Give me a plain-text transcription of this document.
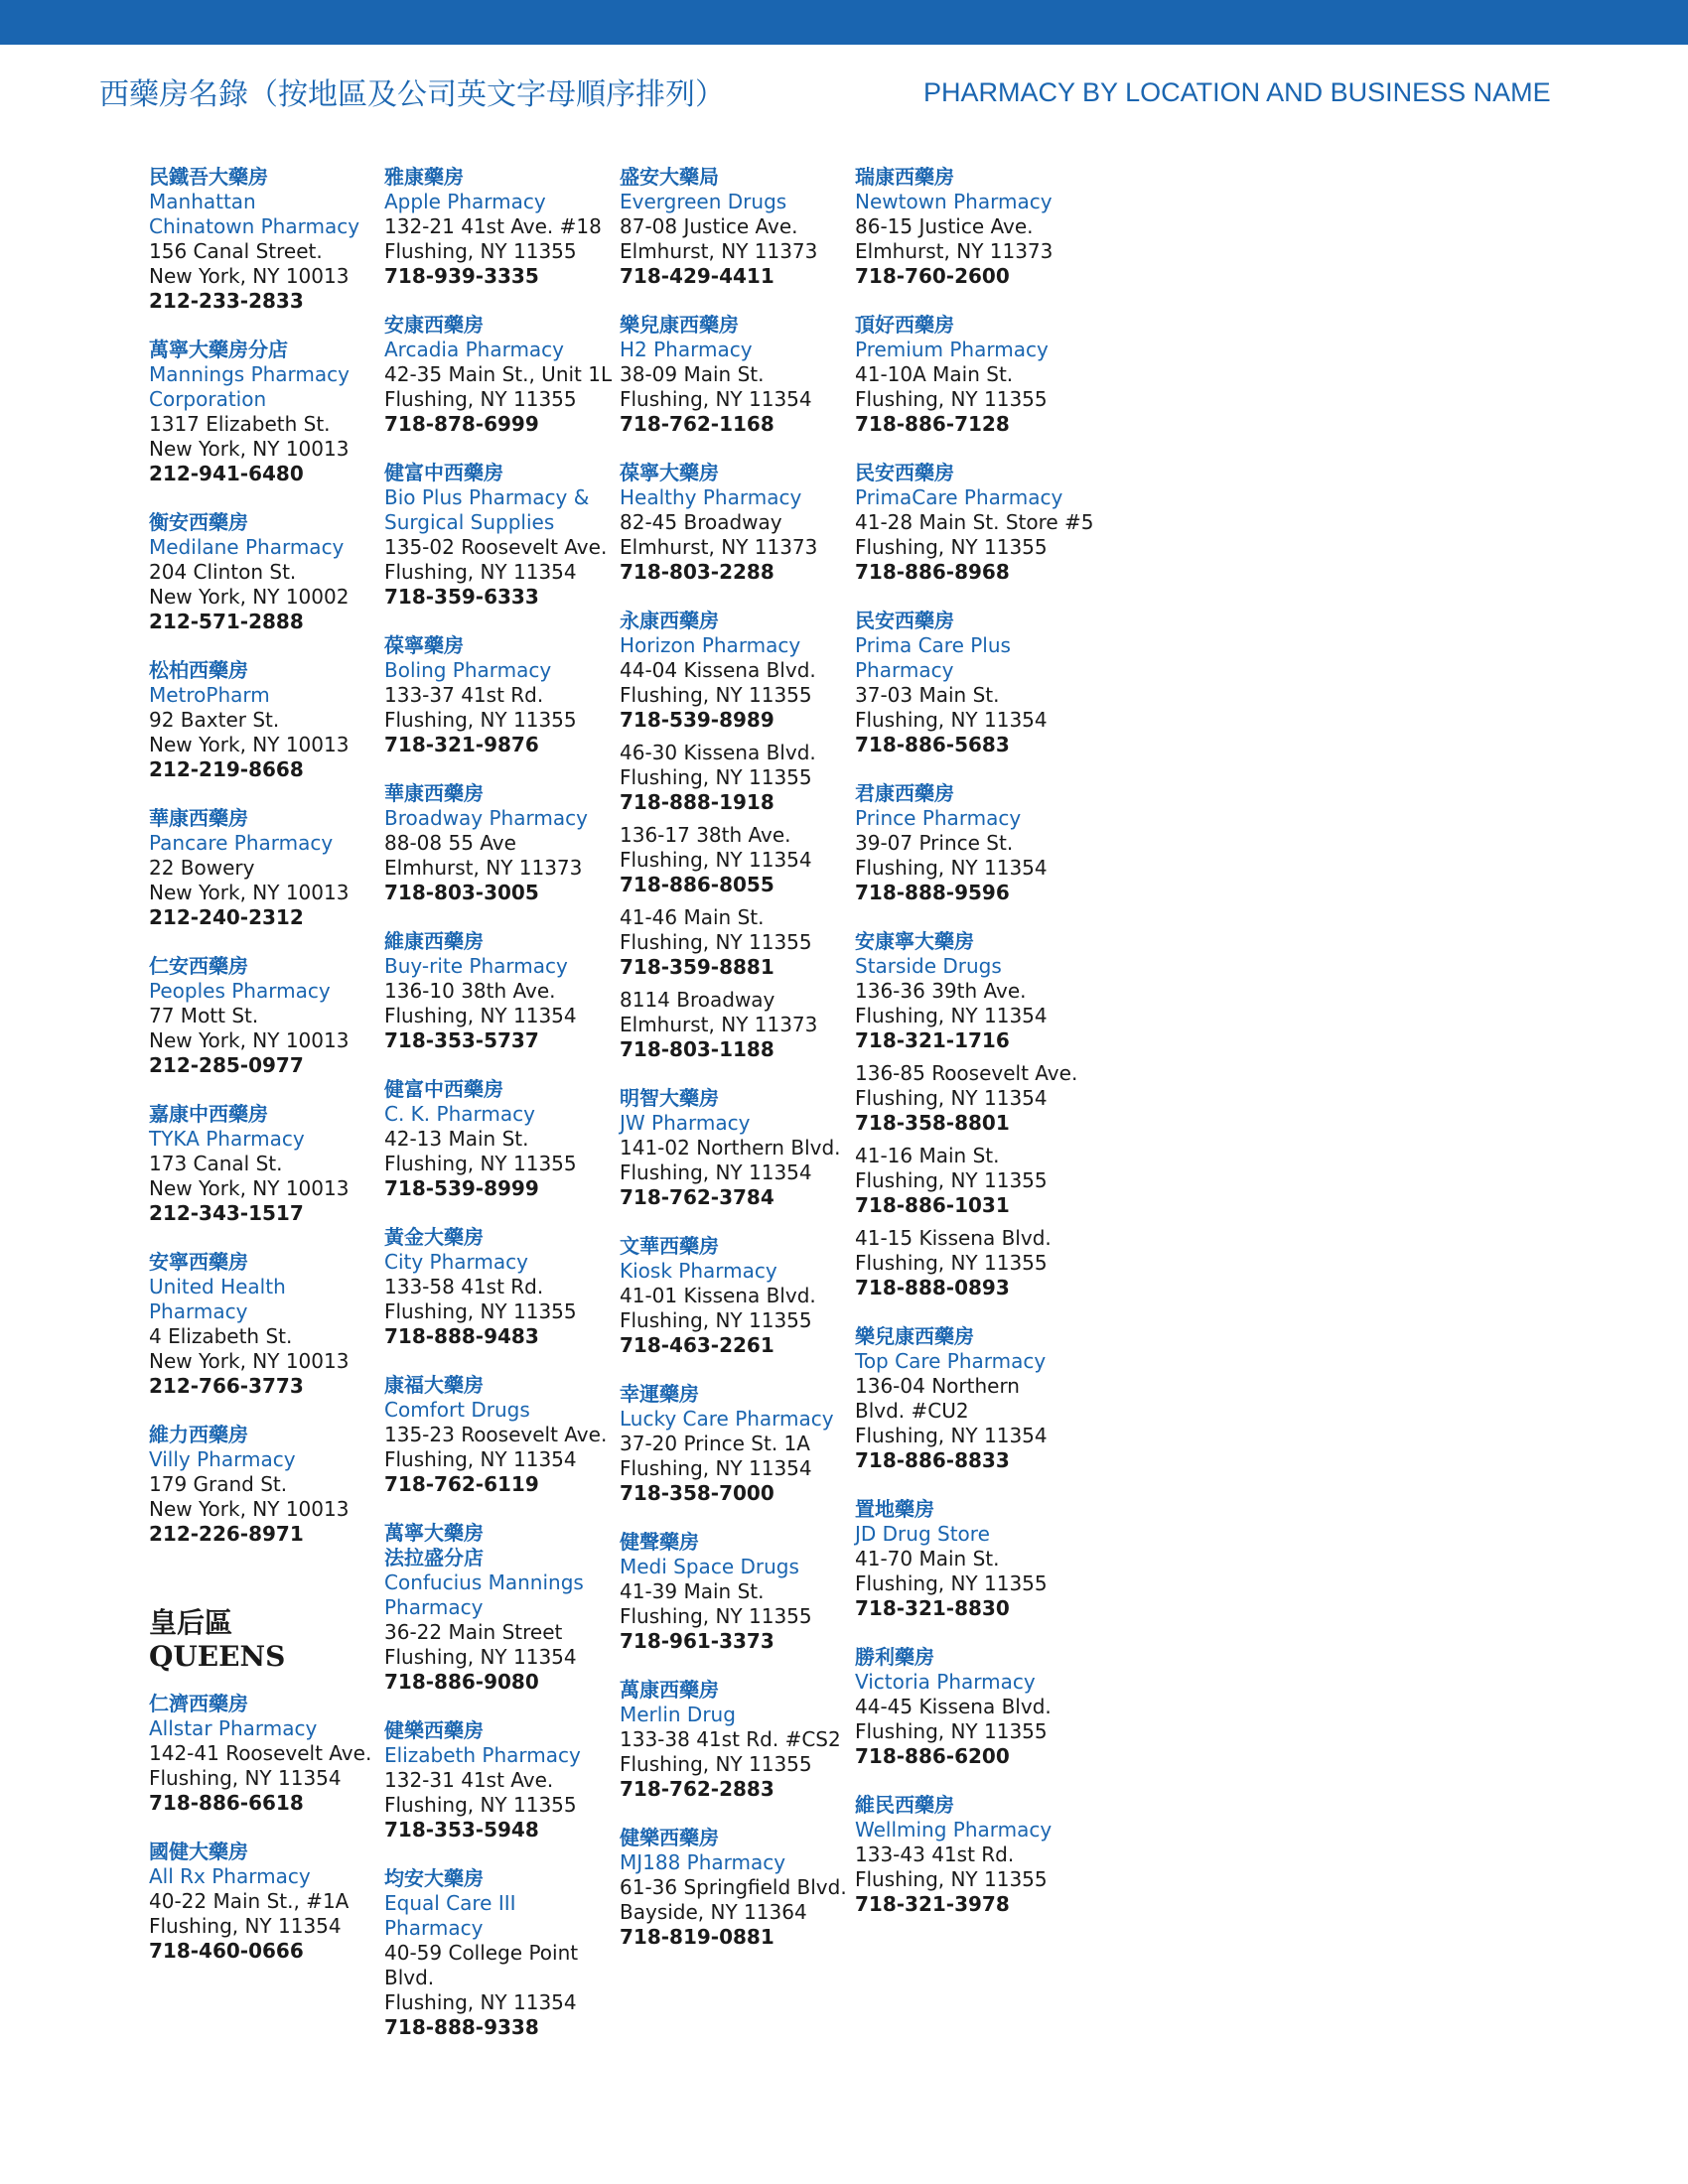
西藥房名錄（按地區及公司英文字母順序排列）	PHARMACY BY LOCATION AND BUSINESS NAME
民鐵吾大藥房
Manhattan
Chinatown Pharmacy
156 Canal Street.
New York, NY 10013
212-233-2833
萬寧大藥房分店
Mannings Pharmacy
Corporation
1317 Elizabeth St.
New York, NY 10013
212-941-6480
衡安西藥房
Medilane Pharmacy
204 Clinton St.
New York, NY 10002
212-571-2888
松柏西藥房
MetroPharm
92 Baxter St.
New York, NY 10013
212-219-8668
華康西藥房
Pancare Pharmacy
22 Bowery
New York, NY 10013
212-240-2312
仁安西藥房
Peoples Pharmacy
77 Mott St.
New York, NY 10013
212-285-0977
嘉康中西藥房
TYKA Pharmacy
173 Canal St.
New York, NY 10013
212-343-1517
安寧西藥房
United Health
Pharmacy
4 Elizabeth St.
New York, NY 10013
212-766-3773
維力西藥房
Villy Pharmacy
179 Grand St.
New York, NY 10013
212-226-8971
皇后區
QUEENS
仁濟西藥房
Allstar Pharmacy
142-41 Roosevelt Ave.
Flushing, NY 11354
718-886-6618
國健大藥房
All Rx Pharmacy
40-22 Main St., #1A
Flushing, NY 11354
718-460-0666
雅康藥房
Apple Pharmacy
132-21 41st Ave. #18
Flushing, NY 11355
718-939-3335
安康西藥房
Arcadia Pharmacy
42-35 Main St., Unit 1L
Flushing, NY 11355
718-878-6999
健富中西藥房
Bio Plus Pharmacy &
Surgical Supplies
135-02 Roosevelt Ave.
Flushing, NY 11354
718-359-6333
葆寧藥房
Boling Pharmacy
133-37 41st Rd.
Flushing, NY 11355
718-321-9876
華康西藥房
Broadway Pharmacy
88-08 55 Ave
Elmhurst, NY 11373
718-803-3005
維康西藥房
Buy-rite Pharmacy
136-10 38th Ave.
Flushing, NY 11354
718-353-5737
健富中西藥房
C. K. Pharmacy
42-13 Main St.
Flushing, NY 11355
718-539-8999
黃金大藥房
City Pharmacy
133-58 41st Rd.
Flushing, NY 11355
718-888-9483
康福大藥房
Comfort Drugs
135-23 Roosevelt Ave.
Flushing, NY 11354
718-762-6119
萬寧大藥房
法拉盛分店
Confucius Mannings
Pharmacy
36-22 Main Street
Flushing, NY 11354
718-886-9080
健樂西藥房
Elizabeth Pharmacy
132-31 41st Ave.
Flushing, NY 11355
718-353-5948
均安大藥房
Equal Care III
Pharmacy
40-59 College Point
Blvd.
Flushing, NY 11354
718-888-9338
盛安大藥局
Evergreen Drugs
87-08 Justice Ave.
Elmhurst, NY 11373
718-429-4411
樂兒康西藥房
H2 Pharmacy
38-09 Main St.
Flushing, NY 11354
718-762-1168
葆寧大藥房
Healthy Pharmacy
82-45 Broadway
Elmhurst, NY 11373
718-803-2288
永康西藥房
Horizon Pharmacy
44-04 Kissena Blvd.
Flushing, NY 11355
718-539-8989
46-30 Kissena Blvd.
Flushing, NY 11355
718-888-1918
136-17 38th Ave.
Flushing, NY 11354
718-886-8055
41-46 Main St.
Flushing, NY 11355
718-359-8881
8114 Broadway
Elmhurst, NY 11373
718-803-1188
明智大藥房
JW Pharmacy
141-02 Northern Blvd.
Flushing, NY 11354
718-762-3784
文華西藥房
Kiosk Pharmacy
41-01 Kissena Blvd.
Flushing, NY 11355
718-463-2261
幸運藥房
Lucky Care Pharmacy
37-20 Prince St. 1A
Flushing, NY 11354
718-358-7000
健聲藥房
Medi Space Drugs
41-39 Main St.
Flushing, NY 11355
718-961-3373
萬康西藥房
Merlin Drug
133-38 41st Rd. #CS2
Flushing, NY 11355
718-762-2883
健樂西藥房
MJ188 Pharmacy
61-36 Springfield Blvd.
Bayside, NY 11364
718-819-0881
瑞康西藥房
Newtown Pharmacy
86-15 Justice Ave.
Elmhurst, NY 11373
718-760-2600
頂好西藥房
Premium Pharmacy
41-10A Main St.
Flushing, NY 11355
718-886-7128
民安西藥房
PrimaCare Pharmacy
41-28 Main St. Store #5
Flushing, NY 11355
718-886-8968
民安西藥房
Prima Care Plus
Pharmacy
37-03 Main St.
Flushing, NY 11354
718-886-5683
君康西藥房
Prince Pharmacy
39-07 Prince St.
Flushing, NY 11354
718-888-9596
安康寧大藥房
Starside Drugs
136-36 39th Ave.
Flushing, NY 11354
718-321-1716
136-85 Roosevelt Ave.
Flushing, NY 11354
718-358-8801
41-16 Main St.
Flushing, NY 11355
718-886-1031
41-15 Kissena Blvd.
Flushing, NY 11355
718-888-0893
樂兒康西藥房
Top Care Pharmacy
136-04 Northern
Blvd. #CU2
Flushing, NY 11354
718-886-8833
置地藥房
JD Drug Store
41-70 Main St.
Flushing, NY 11355
718-321-8830
勝利藥房
Victoria Pharmacy
44-45 Kissena Blvd.
Flushing, NY 11355
718-886-6200
維民西藥房
Wellming Pharmacy
133-43 41st Rd.
Flushing, NY 11355
718-321-3978
